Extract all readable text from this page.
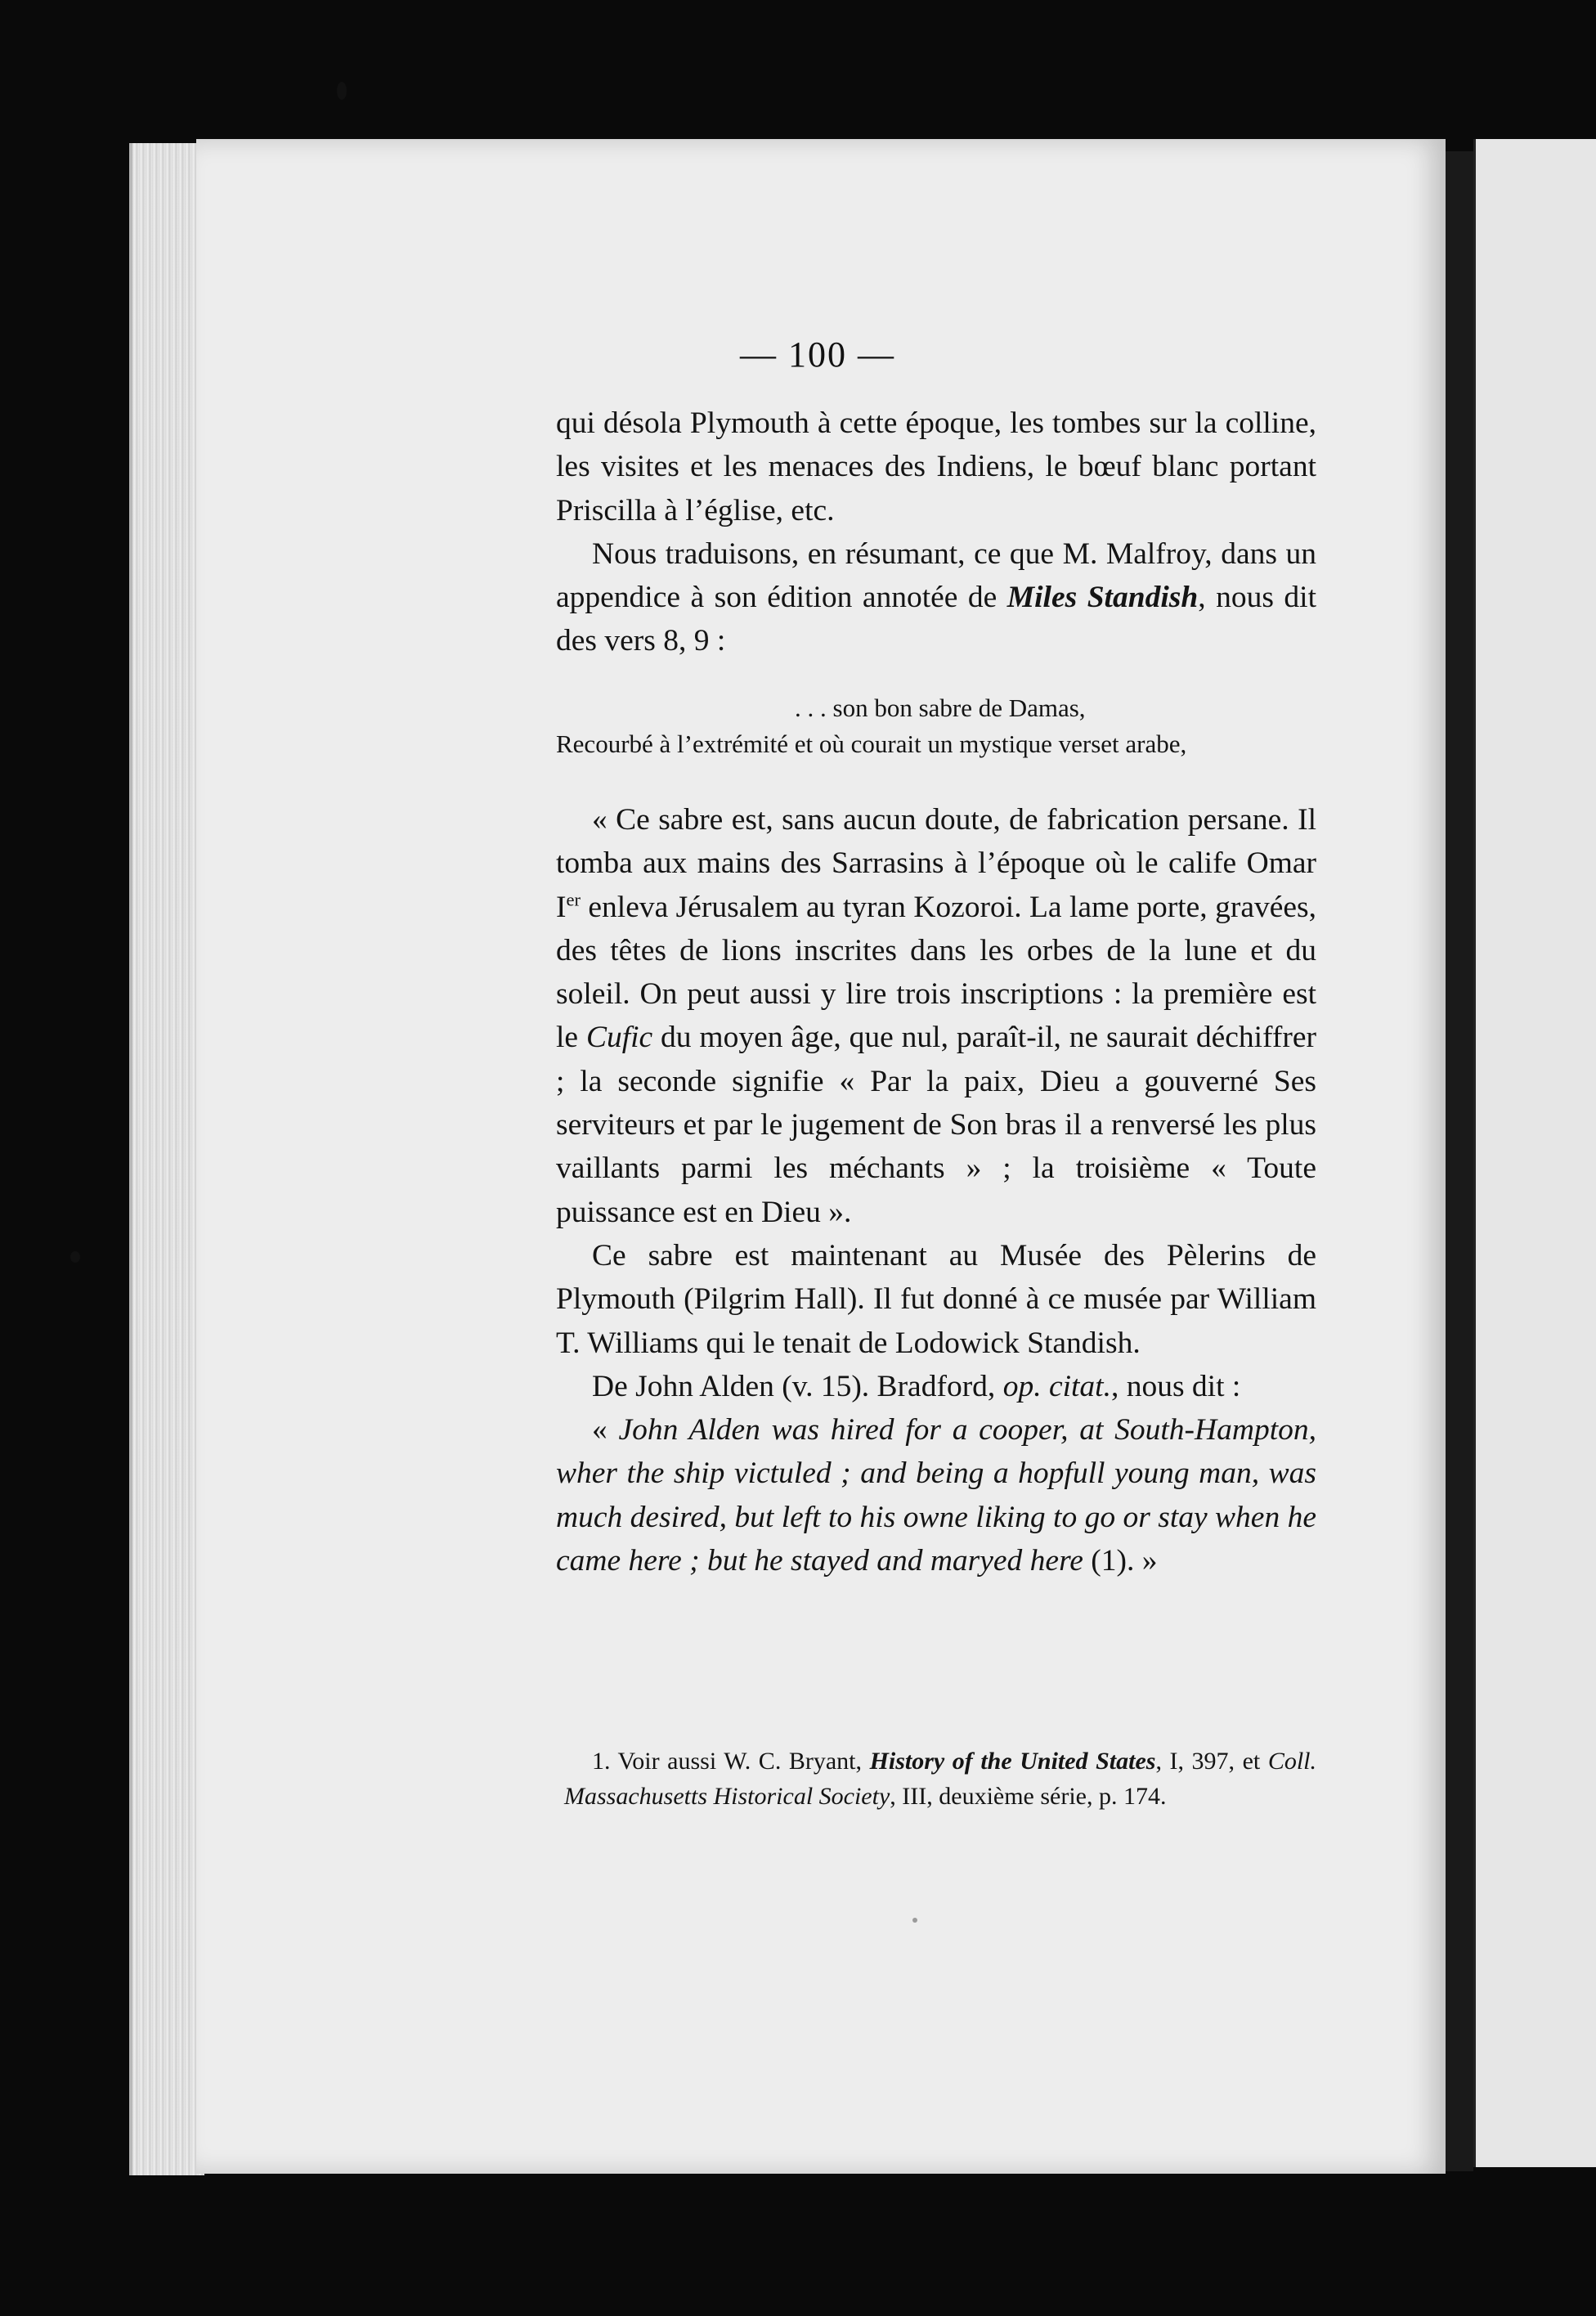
— 100 —

qui désola Plymouth à cette époque, les tombes sur la colline, les visites et les menaces des Indiens, le bœuf blanc portant Priscilla à l’église, etc.

Nous traduisons, en résumant, ce que M. Malfroy, dans un appendice à son édition annotée de Miles Standish, nous dit des vers 8, 9 :

. . . son bon sabre de Damas,
Recourbé à l’extrémité et où courait un mystique verset arabe,

« Ce sabre est, sans aucun doute, de fabrication persane. Il tomba aux mains des Sarrasins à l’époque où le calife Omar Ier enleva Jérusalem au tyran Kozoroi. La lame porte, gravées, des têtes de lions inscrites dans les orbes de la lune et du soleil. On peut aussi y lire trois inscriptions : la première est le Cufic du moyen âge, que nul, paraît-il, ne saurait déchiffrer ; la seconde signifie « Par la paix, Dieu a gouverné Ses serviteurs et par le jugement de Son bras il a renversé les plus vaillants parmi les méchants » ; la troisième « Toute puissance est en Dieu ».

Ce sabre est maintenant au Musée des Pèlerins de Plymouth (Pilgrim Hall). Il fut donné à ce musée par William T. Williams qui le tenait de Lodowick Standish.

De John Alden (v. 15). Bradford, op. citat., nous dit :

« John Alden was hired for a cooper, at South-Hampton, wher the ship victuled ; and being a hopfull young man, was much desired, but left to his owne liking to go or stay when he came here ; but he stayed and maryed here (1). »

1. Voir aussi W. C. Bryant, History of the United States, I, 397, et Coll. Massachusetts Historical Society, III, deuxième série, p. 174.
